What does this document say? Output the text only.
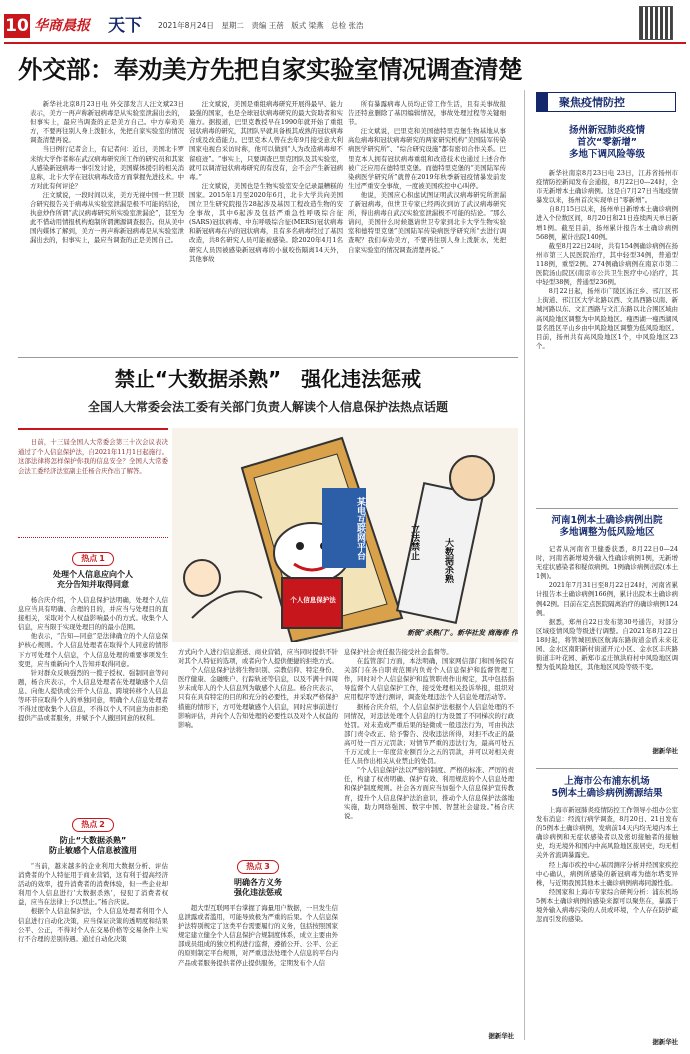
10 华商晨报 天下 2021年8月24日　星期二　责编 王蓓　版式 梁燕　总检 张浩
外交部：奉劝美方先把自家实验室情况调查清楚

新华社北京8月23日电 外交部发言人汪文斌23日表示，美方一再声称新冠病毒是从实验室泄漏出去的，但事实上，最应当调查的正是美方自己。中方奉劝美方，不要再往别人身上泼脏水，先把自家实验室的情况调查清楚再说。

当日例行记者会上，有记者问：近日，美国北卡罗来纳大学作者称在武汉病毒研究所工作的研究员和其家人感染新冠病毒一事引发讨论，美国媒体援引的相关消息称，北卡大学在冠状病毒改造方面掌握先进技术。中方对此有何评论？

汪文斌说，一段时间以来，美方无视中国一世卫联合研究报告关于病毒从实验室泄漏是极不可能的结论，执意炒作所谓“武汉病毒研究所实验室泄漏论”，甚至为此不惜动用情报机构炮制所谓溯源调查报告。但从美中国内媒体了解到，美方一再声称新冠病毒是从实验室泄漏出去的，但事实上，最应当调查的正是美国自己。

汪文斌说，美国是重组病毒研究开展得最早、能力最强的国家，也是全球冠状病毒研究的最大资助者和实施方。据报道，巴里克教授早在1990年就开始了重组冠状病毒的研究，其团队早就具备极其成熟的冠状病毒合成及改造能力。巴里克本人曾在去年9月接受意大利国家电视台采访时称，他可以做到“人为改造病毒却不留痕迹”。“事实上，只要调查巴里克团队及其实验室，就可以调清冠状病毒研究的有没有，会不会产生新冠病毒。”

汪文斌说，美国也是生物实验室安全记录最糟糕的国家。2015年1月至2020年6月，北卡大学共向美国国立卫生研究院报告28起涉及基因工程改造生物的安全事故，其中6起涉及包括严重急性呼吸综合征(SARS)冠状病毒、中东呼吸综合征(MERS)冠状病毒和新冠病毒在内的冠状病毒，且有多名病毒经过了基因改造，共8名研究人员可能被感染。除2020年4月1名研究人员因被感染新冠病毒的小鼠咬伤隔离14天外，其他事故

所有暴露病毒人员均正常工作生活，且有关事故报告还特意删除了基因编辑情况，事故处理过程等关键细节。

汪文斌说，巴里克和美国德特里克堡生物基地从事高危病毒和冠状病毒研究的两家研究机构“美国陆军传染病医学研究所”、“综合研究设施”都有密切合作关系。巴里克本人拥有冠状病毒重组和改造技术也通过上述合作被广泛应用在德特里克堡。而德特里克堡的“美国陆军传染病医学研究所”就曾在2019年秋季新冠疫情暴发前发生过严重安全事故，一度被美国疾控中心叫停。

他说，美国应心积虑试图证明武汉病毒研究所泄漏了新冠病毒，但世卫专家已经两次到访了武汉病毒研究所，得出病毒自武汉实验室泄漏极不可能的结论。“那么请问，美国什么时候邀请世卫专家到北卡大学生物实验室和德特里克堡”美国陆军传染病医学研究所“去进行调查呢？我们奉劝美方，不要再往别人身上泼脏水，先把自家实验室的情况调查清楚再说。”

聚焦疫情防控
扬州新冠肺炎疫情
首次“零新增”
多地下调风险等级

新华社南京8月23日电 23日，江苏省扬州市疫情防控新闻发布会通报，8月22日0—24时，全市无新增本土确诊病例。这是自7月27日当地疫情暴发以来，扬州首次实现单日“零新增”。

自8月15日以来，扬州单日新增本土确诊病例进入个位数区间，8月20日和21日连续两天单日新增1例。截至目前，扬州累计报告本土确诊病例568例，累计出院140例。

截至8月22日24时，共有154例确诊病例在扬州市第三人民医院治疗，其中轻型34例，普通型118例，重型2例。274例确诊病例在南京市第二医院汤山院区(南京市公共卫生医疗中心)治疗，其中轻型38例，普通型236例。

8月22日起，扬州市广陵区汤汪乡、邗江区邗上街道、邗江区大学北路以西、文昌西路以南、新城河路以东、文汇西路与文汇东路以北合围区域由高风险地区调整为中风险地区。瘦西湖一瘦西湖风景名胜区平山乡由中风险地区调整为低风险地区。目前，扬州共有高风险地区1个，中风险地区23个。

河南1例本土确诊病例出院
多地调整为低风险地区

记者从河南省卫健委获悉，8月22日0—24时，河南省新增境外输入性确诊病例1例，无新增无症状感染者和疑似病例。1例确诊病例出院(本土1例)。

2021年7月31日至8月22日24时，河南省累计报告本土确诊病例166例，累计出院本土确诊病例42例。目前在定点医院隔离治疗的确诊病例124例。

据悉，郑州自22日发布第30号通告，对部分区域疫情风险等级进行调整。自2021年8月22日18时起，将管城回族区航海东路街道金盾未来花园、金水区南阳新村街道开元小区、金水区丰庆路街道丰叶花园、新郑市孟庄镇洪府村中风险地区调整为低风险地区，其他地区风险等级不变。

据新华社
上海市公布浦东机场
5例本土确诊病例溯源结果

上海市新冠肺炎疫情防控工作领导小组办公室发布消息：经流行病学调查，8月20日、21日发布的5例本土确诊病例，发病前14天内均无境内本土确诊病例和无症状感染者以及密切接触者的接触史，均无境外和国内中高风险地区旅居史，均无相关外省流调暴露史。

经上海市疾控中心基因测序分析并经国家疾控中心确认，病例所感染的新冠病毒为德尔塔变异株，与近期我国其他本土确诊病例病毒同源性低。

经国家和上海市专家综合研判分析：浦东机场5例本土确诊病例的感染来源可以聚焦在，暴露于境外输入病毒污染的人员或环境，个人存在防护疏忽而引发的感染。

据新华社
禁止“大数据杀熟”　强化违法惩戒
全国人大常委会法工委有关部门负责人解读个人信息保护法热点话题

日前，十三届全国人大常委会第三十次会议表决通过了个人信息保护法，自2021年11月1日起施行。这部法律将怎样保护你我的信息安全？全国人大常委会法工委经济法室副主任杨合庆作出了解答。

某电互联网平台
个人信息保护法
立法禁止	大数据杀熟
新衙“杀熟门”。新华社发 商海春 作
热点 1
处理个人信息应向个人
充分告知并取得同意

杨合庆介绍，个人信息保护法明确，处理个人信息应当具有明确、合理的目的，并应当与处理目的直接相关，采取对个人权益影响最小的方式。收集个人信息，应当限于实现处理目的的最小范围。

他表示，“告知—同意”是法律确立的个人信息保护核心规则。个人信息处理者在取得个人同意的情形下方可处理个人信息，个人信息处理的重要事项发生变更，应当重新向个人告知并取得同意。

针对群众反映强烈的一揽子授权、强制同意等问题，杨合庆表示，个人信息处理者在处理敏感个人信息、向他人提供或公开个人信息、跨境转移个人信息等环节应取得个人的单独同意，明确个人信息处理者不得过度收集个人信息，不得以个人不同意为由拒绝提供产品或者服务，并赋予个人撤回同意的权利。

热点 2
防止“大数据杀熟”
防止敏感个人信息被滥用

“当前，越来越多的企业利用大数据分析、评估消费者的个人特征用于商业营销，这有利于提高经济活动的效率，提升消费者的消费体验，但一些企业却利用个人信息进行‘大数据杀熟’，侵犯了消费者权益，应当在法律上予以禁止。”杨合庆说。

根据个人信息保护法，个人信息处理者利用个人信息进行自动化决策，应当保证决策的透明度和结果公平、公正，不得对个人在交易价格等交易条件上实行不合理的差别待遇。通过自动化决策

方式向个人进行信息推送、商业营销，应当同时提供不针对其个人特征的选项，或者向个人提供便捷的拒绝方式。

个人信息保护法将生物识别、宗教信仰、特定身份、医疗健康、金融账户、行踪轨迹等信息，以及不满十四周岁未成年人的个人信息列为敏感个人信息。杨合庆表示，只有在具有特定的目的和充分的必要性，并采取严格保护措施的情形下，方可处理敏感个人信息，同时应事前进行影响评估，并向个人告知处理的必要性以及对个人权益的影响。

热点 3
明确各方义务
强化违法惩戒

超大型互联网平台掌握了海量用户数据，一旦发生信息泄露或者滥用，可能导致极为严重的后果。个人信息保护法特别规定了这类平台需要履行的义务，包括按照国家规定建立健全个人信息保护合规制度体系，成立主要由外部成员组成的独立机构进行监督，遵循公开、公平、公正的原则制定平台规则，对严重违法处理个人信息的平台内产品或者服务提供者停止提供服务，定期发布个人信

息保护社会责任报告接受社会监督等。

在监管部门方面，本法明确，国家网信部门和国务院有关部门在各自职责范围内负责个人信息保护和监督管理工作，同时对个人信息保护和监管职责作出规定，其中包括指导监督个人信息保护工作，接受处理相关投诉举报，组织对应用程序等进行测评，调查处理违法个人信息处理活动等。

据杨合庆介绍，个人信息保护法根据个人信息处理的不同情况，对违法处理个人信息的行为设置了不同梯次的行政处罚。对未造成严重后果的轻微或一般违法行为，可由执法部门责令改正、给予警告、没收违法所得，对拒不改正的最高可处一百万元罚款；对情节严重的违法行为，最高可处五千万元或上一年度营业额百分之五的罚款，并可以对相关责任人员作出相关从业禁止的处罚。

“个人信息保护法以严密的制度、严格的标准、严厉的责任，构建了权责明确、保护有效、利用规范的个人信息处理和保护制度规则。社会各方面应当加强个人信息保护宣传教育，提升个人信息保护法治意识，推动个人信息保护法落地实施，助力网络强国、数字中国、智慧社会建设。”杨合庆说。

据新华社
